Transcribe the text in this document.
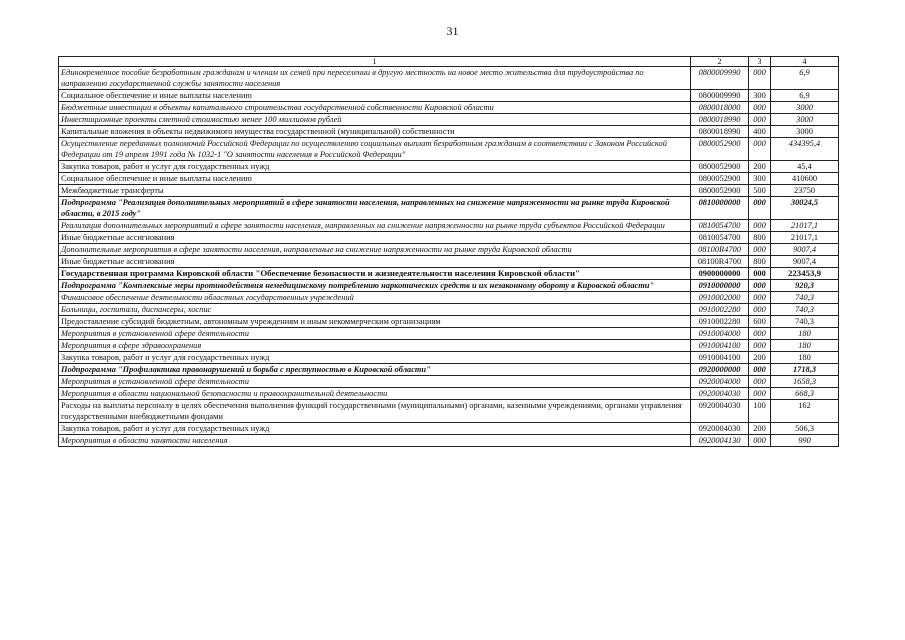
31
1	2	3	4
Единовременное пособие безработным гражданам и членам их семей при переселении в другую местность на новое место жительства для трудоустройства по направлению государственной службы занятости населения	0800009990	000	6,9
Социальное обеспечение и иные выплаты населению	0800009990	300	6,9
Бюджетные инвестиции в объекты капитального строительства государственной собственности Кировской области	0800018000	000	3000
Инвестиционные проекты сметной стоимостью менее 100 миллионов рублей	0800018990	000	3000
Капитальные вложения в объекты недвижимого имущества государственной (муниципальной) собственности	0800018990	400	3000
Осуществление переданных полномочий Российской Федерации по осуществлению социальных выплат безработным гражданам в соответствии с Законом Российской Федерации от 19 апреля 1991 года № 1032-1 "О занятости населения в Российской Федерации"	0800052900	000	434395,4
Закупка товаров, работ и услуг для государственных нужд	0800052900	200	45,4
Социальное обеспечение и иные выплаты населению	0800052900	300	410600
Межбюджетные трансферты	0800052900	500	23750
Подпрограмма "Реализация дополнительных мероприятий в сфере занятости населения, направленных на снижение напряженности на рынке труда Кировской области, в 2015 году"	0810000000	000	30024,5
Реализация дополнительных мероприятий в сфере занятости населения, направленных на снижение напряженности на рынке труда субъектов Российской Федерации	0810054700	000	21017,1
Иные бюджетные ассигнования	0810054700	800	21017,1
Дополнительные мероприятия в сфере занятости населения, направленные на снижение напряженности на рынке труда Кировской области	08100R4700	000	9007,4
Иные бюджетные ассигнования	08100R4700	800	9007,4
Государственная программа Кировской области "Обеспечение безопасности и жизнедеятельности населения Кировской области"	0900000000	000	223453,9
Подпрограмма "Комплексные меры противодействия немедицинскому потреблению наркотических средств и их незаконному обороту в Кировской области"	0910000000	000	920,3
Финансовое обеспечение деятельности областных государственных учреждений	0910002000	000	740,3
Больницы, госпитали, диспансеры, хоспис	0910002280	000	740,3
Предоставление субсидий бюджетным, автономным учреждениям и иным некоммерческим организациям	0910002280	600	740,3
Мероприятия в установленной сфере деятельности	0910004000	000	180
Мероприятия в сфере здравоохранения	0910004100	000	180
Закупка товаров, работ и услуг для государственных нужд	0910004100	200	180
Подпрограмма "Профилактика правонарушений и борьба с преступностью в Кировской области"	0920000000	000	1718,3
Мероприятия в установленной сфере деятельности	0920004000	000	1658,3
Мероприятия в области национальной безопасности и правоохранительной деятельности	0920004030	000	668,3
Расходы на выплаты персоналу в целях обеспечения выполнения функций государственными (муниципальными) органами, казенными учреждениями, органами управления государственными внебюджетными фондами	0920004030	100	162
Закупка товаров, работ и услуг для государственных нужд	0920004030	200	506,3
Мероприятия в области занятости населения	0920004130	000	990
